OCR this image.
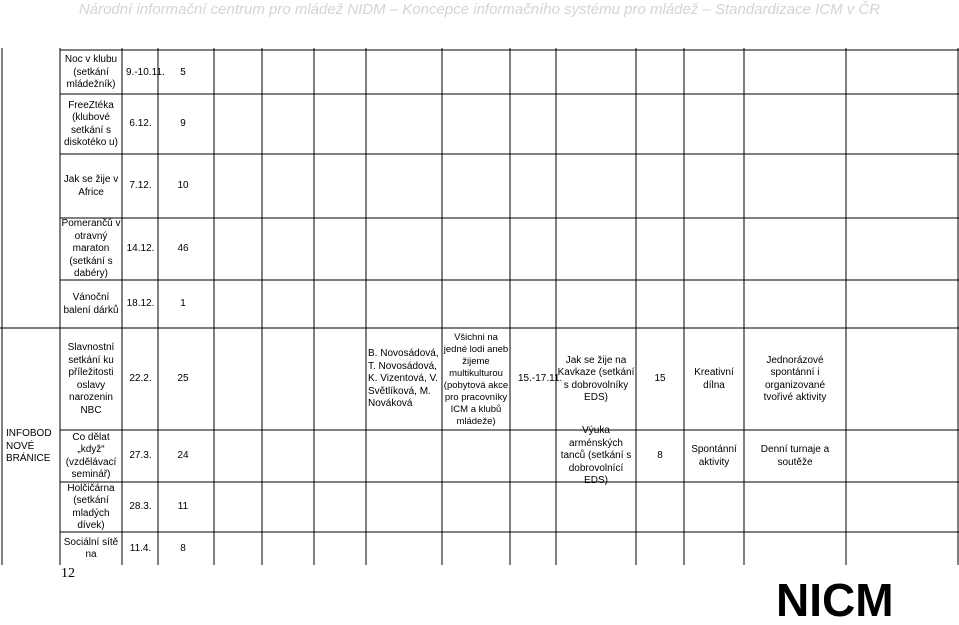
Národní informační centrum pro mládež NIDM – Koncepce informačního systému pro mládež – Standardizace ICM v ČR
Noc v klubu (setkání mládežník)
FreeZtéka (klubové setkání s diskotéko u)
Jak se žije v Africe
Pomerančů v otravný maraton (setkání s dabéry)
Vánoční balení dárků
Slavnostní setkání ku příležitosti oslavy narozenin NBC
Co dělat „když“ (vzdělávací seminář)
Holčičárna (setkání mladých dívek)
Sociální sítě na
9.-10.11.
6.12.
7.12.
14.12.
18.12.
22.2.
27.3.
28.3.
11.4.
5
9
10
46
1
25
24
11
8
INFOBOD NOVÉ BRÁNICE
B. Novosádová, T. Novosádová, K. Vizentová, V. Světlíková, M. Nováková
Všichni na jedné lodi aneb žijeme multikulturou (pobytová akce pro pracovníky ICM a klubů mládeže)
15.-17.11.
Jak se žije na Kavkaze (setkání s dobrovolníky EDS)
15
Kreativní dílna
Jednorázové spontánní i organizované tvořivé aktivity
Výuka arménských tanců (setkání s dobrovolnící EDS)
8
Spontánní aktivity
Denní turnaje a soutěže
12
NICM
